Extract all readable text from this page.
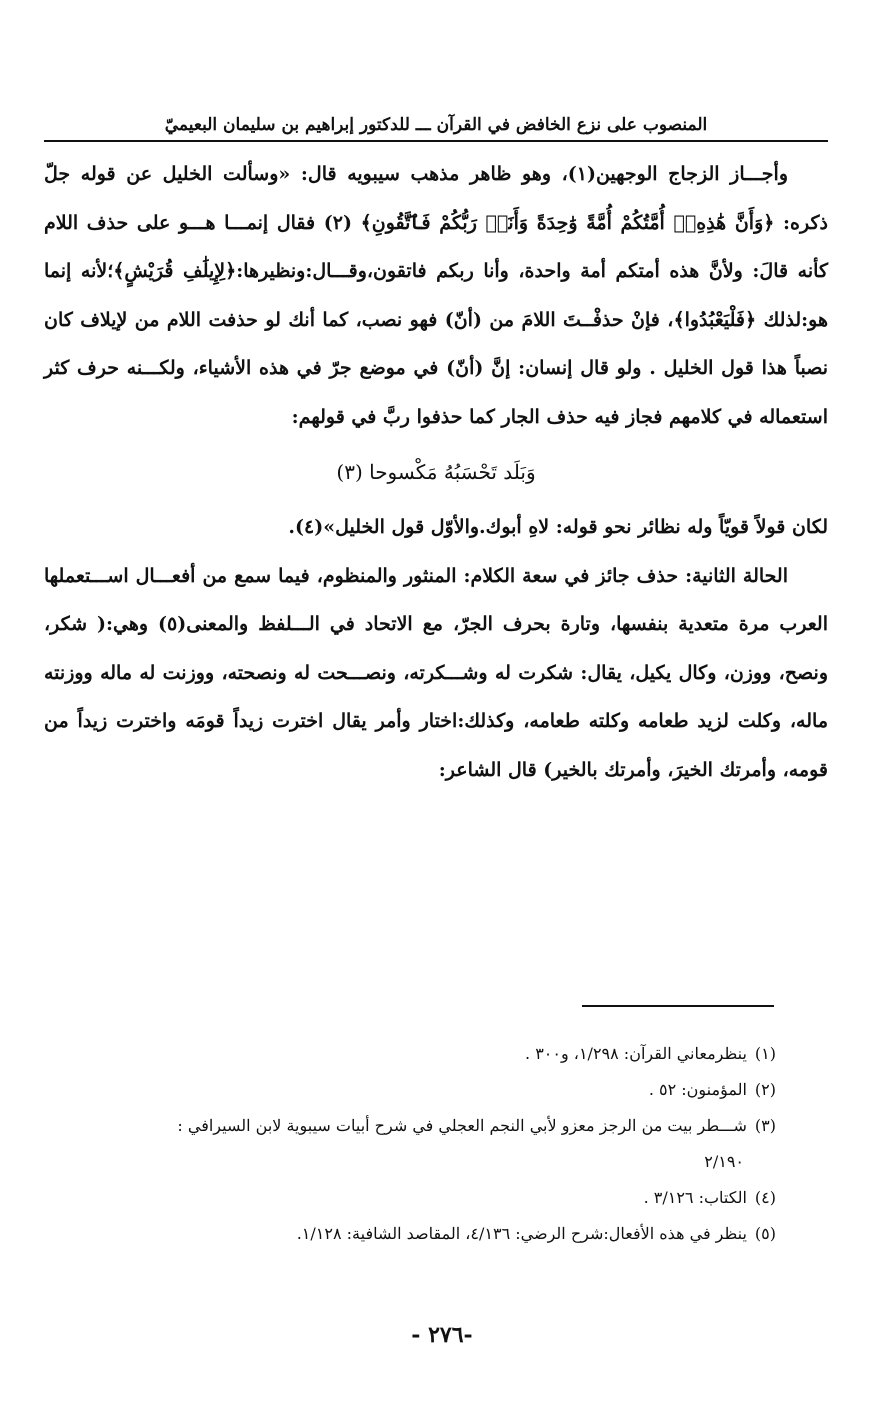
المنصوب على نزع الخافض في القرآن ـــ للدكتور إبراهيم بن سليمان البعيميّ

وأجـــاز الزجاج الوجهين(١)، وهو ظاهر مذهب سيبويه قال: «وسألت الخليل عن قوله جلّ ذكره: ﴿وَأَنَّ هَٰذِهِۦٓ أُمَّتُكُمْ أُمَّةً وَٰحِدَةً وَأَنَا۠ رَبُّكُمْ فَٱتَّقُونِ﴾ (٢) فقال إنمـــا هـــو على حذف اللام كأنه قالَ: ولأنَّ هذه أمتكم أمة واحدة، وأنا ربكم فاتقون،وقـــال:ونظيرها:﴿لِإِيلَٰفِ قُرَيْشٍ﴾؛لأنه إنما هو:لذلك ﴿فَلْيَعْبُدُوا﴾، فإنْ حذفْــتَ اللامَ من (أنّ) فهو نصب، كما أنك لو حذفت اللام من لإيلاف كان نصباً هذا قول الخليل . ولو قال إنسان: إنَّ (أنّ) في موضع جرّ في هذه الأشياء، ولكـــنه حرف كثر استعماله في كلامهم فجاز فيه حذف الجار كما حذفوا ربَّ في قولهم:

وَبَلَد تَحْسَبُهُ مَكْسوحا (٣)

لكان قولاً قويّاً وله نظائر نحو قوله: لاهِ أبوك.والأوّل قول الخليل»(٤).

الحالة الثانية: حذف جائز في سعة الكلام: المنثور والمنظوم، فيما سمع من أفعـــال اســـتعملها العرب مرة متعدية بنفسها، وتارة بحرف الجرّ، مع الاتحاد في الـــلفظ والمعنى(٥) وهي:( شكر، ونصح، ووزن، وكال يكيل، يقال: شكرت له وشـــكرته، ونصـــحت له ونصحته، ووزنت له ماله ووزنته ماله، وكلت لزيد طعامه وكلته طعامه، وكذلك:اختار وأمر يقال اخترت زيداً قومَه واخترت زيداً من قومه، وأمرتك الخيرَ، وأمرتك بالخير) قال الشاعر:

(١)ينظرمعاني القرآن: ١/٢٩٨، و٣٠٠ .

(٢)المؤمنون: ٥٢ .

(٣)شـــطر بيت من الرجز معزو لأبي النجم العجلي في شرح أبيات سيبوية لابن السيرافي :

٢/١٩٠

(٤)الكتاب: ٣/١٢٦ .

(٥)ينظر في هذه الأفعال:شرح الرضي: ٤/١٣٦، المقاصد الشافية: ١/١٢٨.

-٢٧٦ -
